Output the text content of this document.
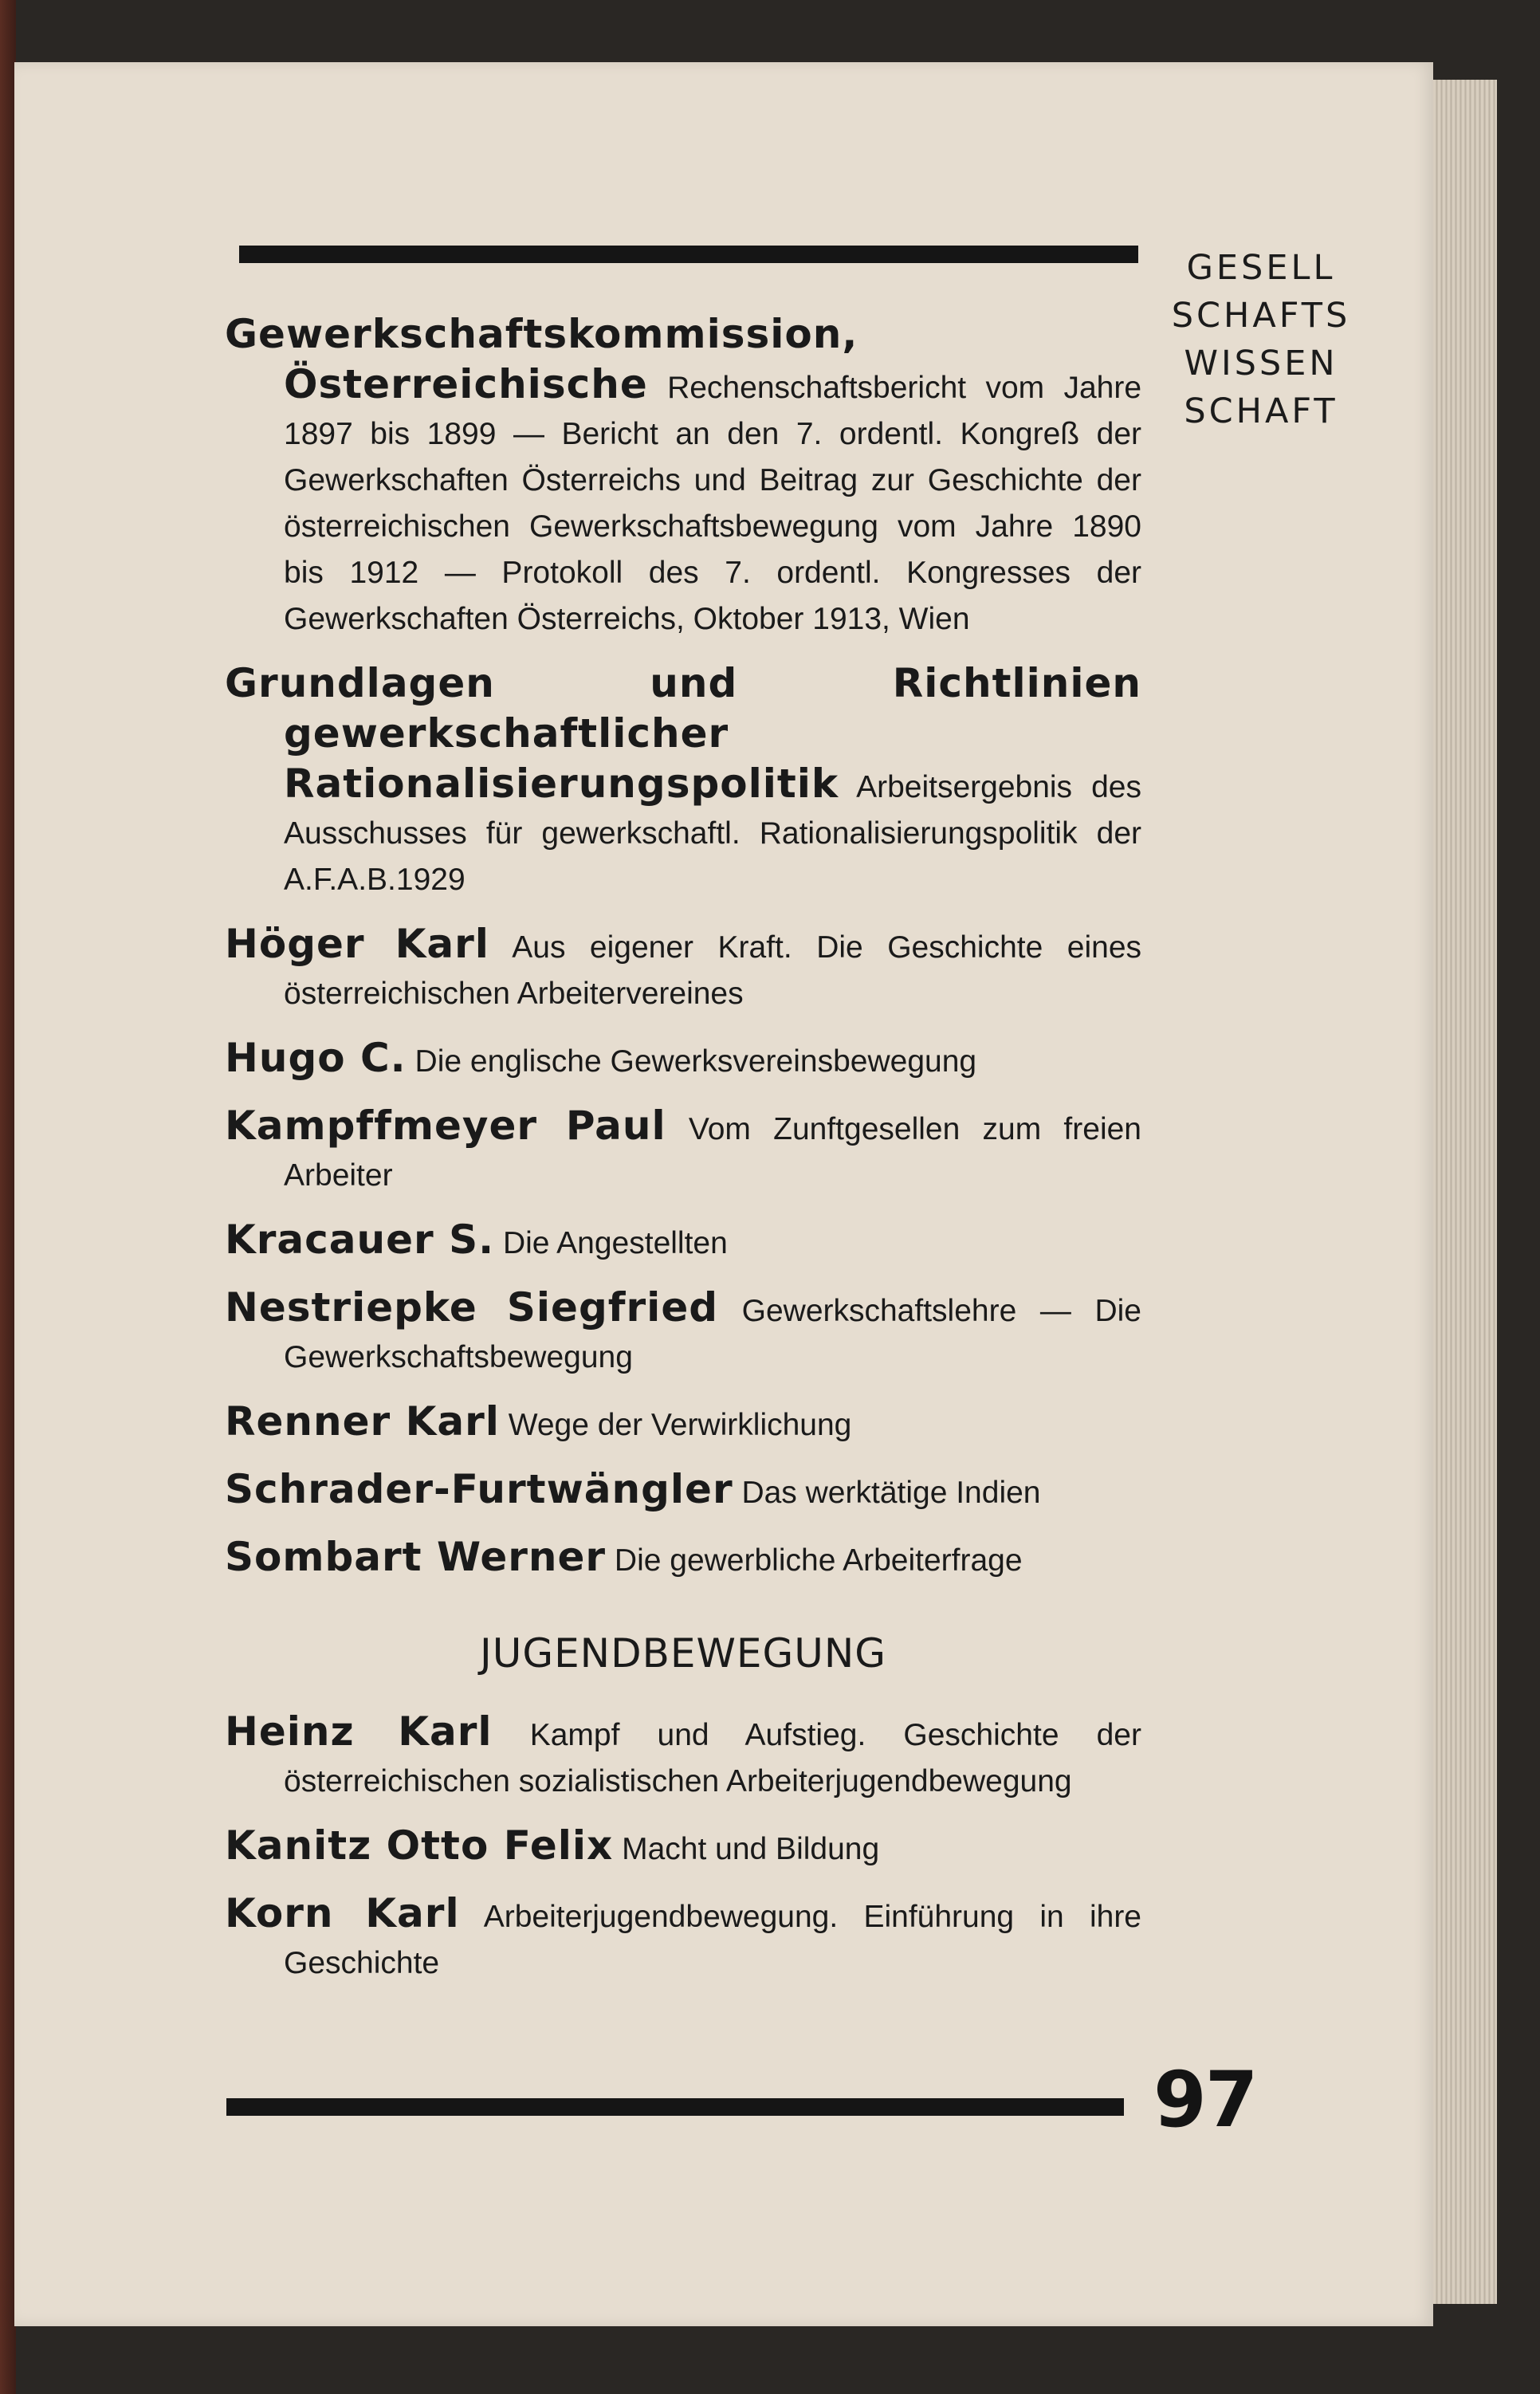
GESELL
SCHAFTS
WISSEN
SCHAFT
Gewerkschaftskommission, Österreichische Rechenschaftsbericht vom Jahre 1897 bis 1899 — Bericht an den 7. ordentl. Kongreß der Gewerkschaften Österreichs und Beitrag zur Geschichte der österreichischen Gewerkschaftsbewegung vom Jahre 1890 bis 1912 — Protokoll des 7. ordentl. Kongresses der Gewerkschaften Österreichs, Oktober 1913, Wien
Grundlagen und Richtlinien gewerkschaftlicher Rationalisierungspolitik Arbeitsergebnis des Ausschusses für gewerkschaftl. Rationalisierungspolitik der A.F.A.B.1929
Höger Karl Aus eigener Kraft. Die Geschichte eines österreichischen Arbeitervereines
Hugo C. Die englische Gewerksvereinsbewegung
Kampffmeyer Paul Vom Zunftgesellen zum freien Arbeiter
Kracauer S. Die Angestellten
Nestriepke Siegfried Gewerkschaftslehre — Die Gewerkschaftsbewegung
Renner Karl Wege der Verwirklichung
Schrader-Furtwängler Das werktätige Indien
Sombart Werner Die gewerbliche Arbeiterfrage
JUGENDBEWEGUNG
Heinz Karl Kampf und Aufstieg. Geschichte der österreichischen sozialistischen Arbeiterjugendbewegung
Kanitz Otto Felix Macht und Bildung
Korn Karl Arbeiterjugendbewegung. Einführung in ihre Geschichte
97
